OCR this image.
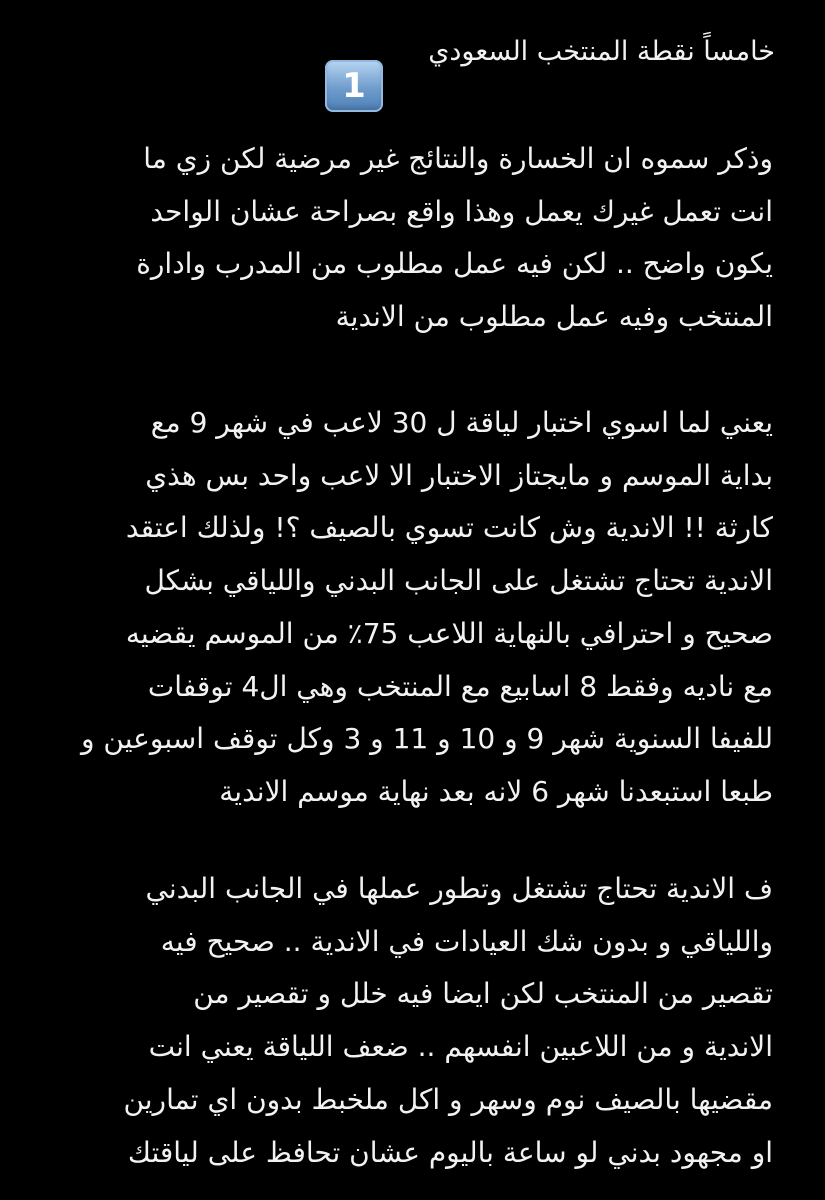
خامساً نقطة المنتخب السعودي
1

وذكر سموه ان الخسارة والنتائج غير مرضية لكن زي ما
انت تعمل غيرك يعمل وهذا واقع بصراحة عشان الواحد
يكون واضح .. لكن فيه عمل مطلوب من المدرب وادارة
المنتخب وفيه عمل مطلوب من الاندية

يعني لما اسوي اختبار لياقة ل 30 لاعب في شهر 9 مع
بداية الموسم و مايجتاز الاختبار الا لاعب واحد بس هذي
كارثة !! الاندية وش كانت تسوي بالصيف ؟! ولذلك اعتقد
الاندية تحتاج تشتغل على الجانب البدني واللياقي بشكل
صحيح و احترافي بالنهاية اللاعب 75٪ من الموسم يقضيه
مع ناديه وفقط 8 اسابيع مع المنتخب وهي ال4 توقفات
للفيفا السنوية شهر 9 و 10 و 11 و 3 وكل توقف اسبوعين و
طبعا استبعدنا شهر 6 لانه بعد نهاية موسم الاندية

ف الاندية تحتاج تشتغل وتطور عملها في الجانب البدني
واللياقي و بدون شك العيادات في الاندية .. صحيح فيه
تقصير من المنتخب لكن ايضا فيه خلل و تقصير من
الاندية و من اللاعبين انفسهم .. ضعف اللياقة يعني انت
مقضيها بالصيف نوم وسهر و اكل ملخبط بدون اي تمارين
او مجهود بدني لو ساعة باليوم عشان تحافظ على لياقتك
